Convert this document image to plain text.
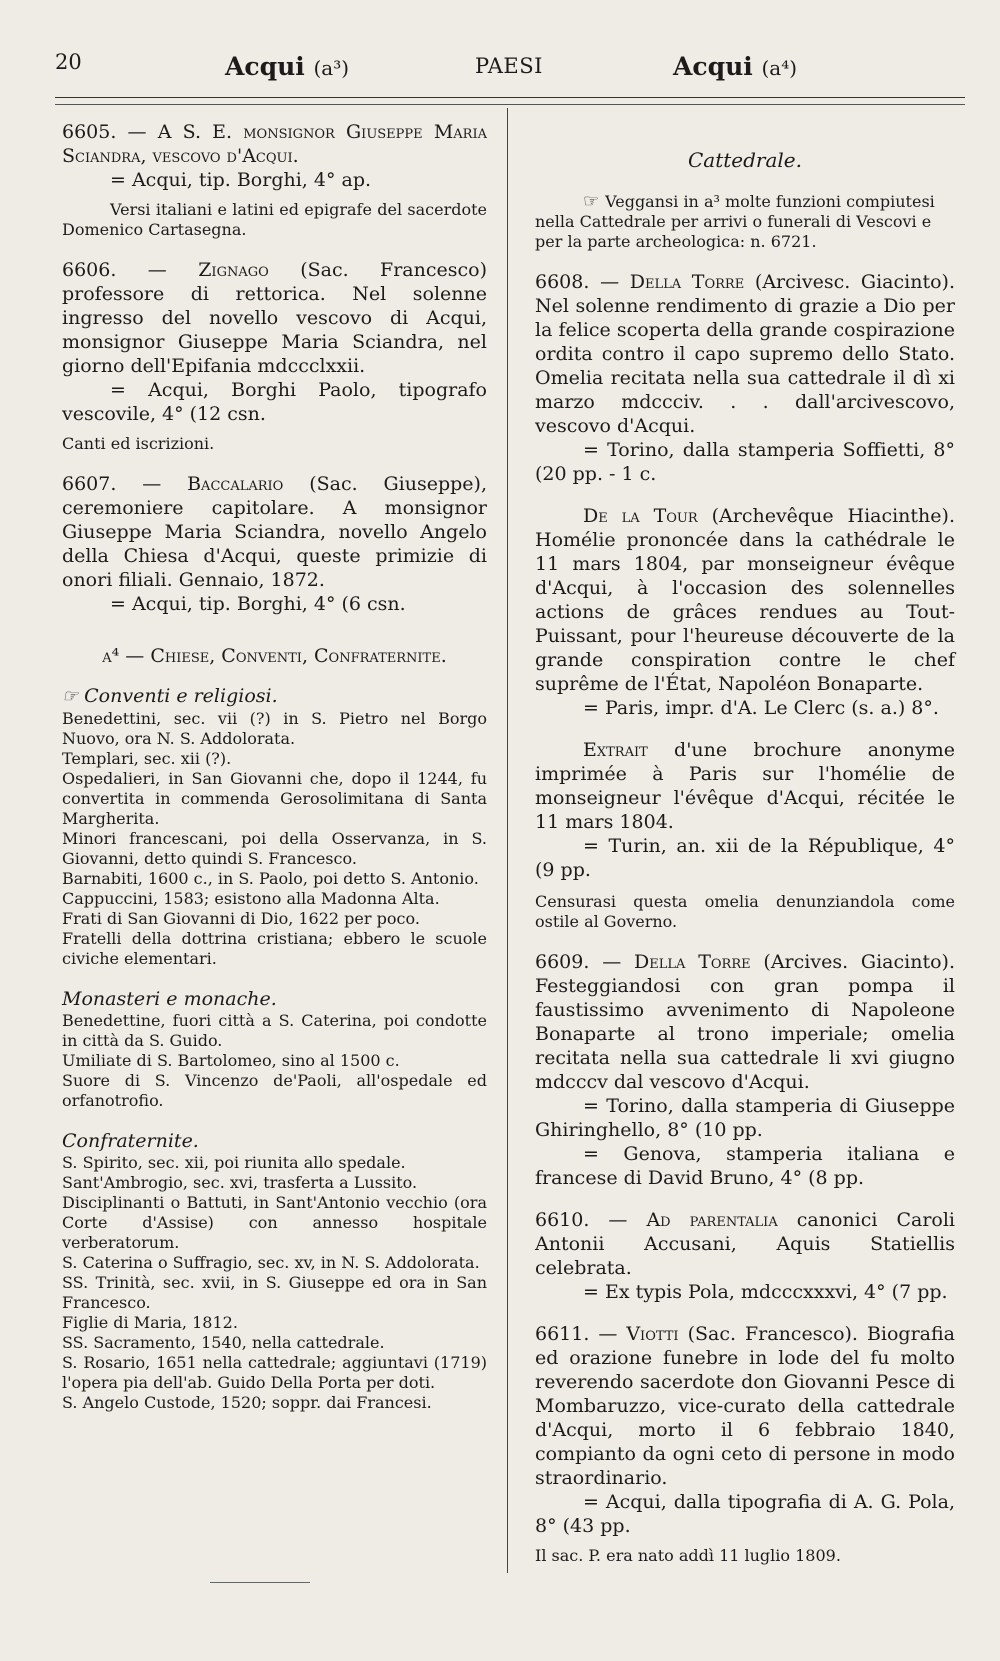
20	Acqui (a³)	PAESI	Acqui (a⁴)

6605. — A S. E. monsignor Giuseppe Maria Sciandra, vescovo d'Acqui.

= Acqui, tip. Borghi, 4° ap.

Versi italiani e latini ed epigrafe del sacerdote Domenico Cartasegna.

6606. — Zignago (Sac. Francesco) professore di rettorica. Nel solenne ingresso del novello vescovo di Acqui, monsignor Giuseppe Maria Sciandra, nel giorno dell'Epifania mdccclxxii.

= Acqui, Borghi Paolo, tipografo vescovile, 4° (12 csn.

Canti ed iscrizioni.

6607. — Baccalario (Sac. Giuseppe), ceremoniere capitolare. A monsignor Giuseppe Maria Sciandra, novello Angelo della Chiesa d'Acqui, queste primizie di onori filiali. Gennaio, 1872.

= Acqui, tip. Borghi, 4° (6 csn.

a⁴ — Chiese, Conventi, Confraternite.

☞ Conventi e religiosi.

Benedettini, sec. vii (?) in S. Pietro nel Borgo Nuovo, ora N. S. Addolorata.

Templari, sec. xii (?).

Ospedalieri, in San Giovanni che, dopo il 1244, fu convertita in commenda Gerosolimitana di Santa Margherita.

Minori francescani, poi della Osservanza, in S. Giovanni, detto quindi S. Francesco.

Barnabiti, 1600 c., in S. Paolo, poi detto S. Antonio.

Cappuccini, 1583; esistono alla Madonna Alta.

Frati di San Giovanni di Dio, 1622 per poco.

Fratelli della dottrina cristiana; ebbero le scuole civiche elementari.

Monasteri e monache.

Benedettine, fuori città a S. Caterina, poi condotte in città da S. Guido.

Umiliate di S. Bartolomeo, sino al 1500 c.

Suore di S. Vincenzo de'Paoli, all'ospedale ed orfanotrofio.

Confraternite.

S. Spirito, sec. xii, poi riunita allo spedale.

Sant'Ambrogio, sec. xvi, trasferta a Lussito.

Disciplinanti o Battuti, in Sant'Antonio vecchio (ora Corte d'Assise) con annesso hospitale verberatorum.

S. Caterina o Suffragio, sec. xv, in N. S. Addolorata.

SS. Trinità, sec. xvii, in S. Giuseppe ed ora in San Francesco.

Figlie di Maria, 1812.

SS. Sacramento, 1540, nella cattedrale.

S. Rosario, 1651 nella cattedrale; aggiuntavi (1719) l'opera pia dell'ab. Guido Della Porta per doti.

S. Angelo Custode, 1520; soppr. dai Francesi.

Cattedrale.

☞ Veggansi in a³ molte funzioni compiutesi nella Cattedrale per arrivi o funerali di Vescovi e per la parte archeologica: n. 6721.

6608. — Della Torre (Arcivesc. Giacinto). Nel solenne rendimento di grazie a Dio per la felice scoperta della grande cospirazione ordita contro il capo supremo dello Stato. Omelia recitata nella sua cattedrale il dì xi marzo mdccciv. . . dall'arcivescovo, vescovo d'Acqui.

= Torino, dalla stamperia Soffietti, 8° (20 pp. - 1 c.

De la Tour (Archevêque Hiacinthe). Homélie prononcée dans la cathédrale le 11 mars 1804, par monseigneur évêque d'Acqui, à l'occasion des solennelles actions de grâces rendues au Tout-Puissant, pour l'heureuse découverte de la grande conspiration contre le chef suprême de l'État, Napoléon Bonaparte.

= Paris, impr. d'A. Le Clerc (s. a.) 8°.

Extrait d'une brochure anonyme imprimée à Paris sur l'homélie de monseigneur l'évêque d'Acqui, récitée le 11 mars 1804.

= Turin, an. xii de la République, 4° (9 pp.

Censurasi questa omelia denunziandola come ostile al Governo.

6609. — Della Torre (Arcives. Giacinto). Festeggiandosi con gran pompa il faustissimo avvenimento di Napoleone Bonaparte al trono imperiale; omelia recitata nella sua cattedrale li xvi giugno mdcccv dal vescovo d'Acqui.

= Torino, dalla stamperia di Giuseppe Ghiringhello, 8° (10 pp.

= Genova, stamperia italiana e francese di David Bruno, 4° (8 pp.

6610. — Ad parentalia canonici Caroli Antonii Accusani, Aquis Statiellis celebrata.

= Ex typis Pola, mdcccxxxvi, 4° (7 pp.

6611. — Viotti (Sac. Francesco). Biografia ed orazione funebre in lode del fu molto reverendo sacerdote don Giovanni Pesce di Mombaruzzo, vice-curato della cattedrale d'Acqui, morto il 6 febbraio 1840, compianto da ogni ceto di persone in modo straordinario.

= Acqui, dalla tipografia di A. G. Pola, 8° (43 pp.

Il sac. P. era nato addì 11 luglio 1809.
